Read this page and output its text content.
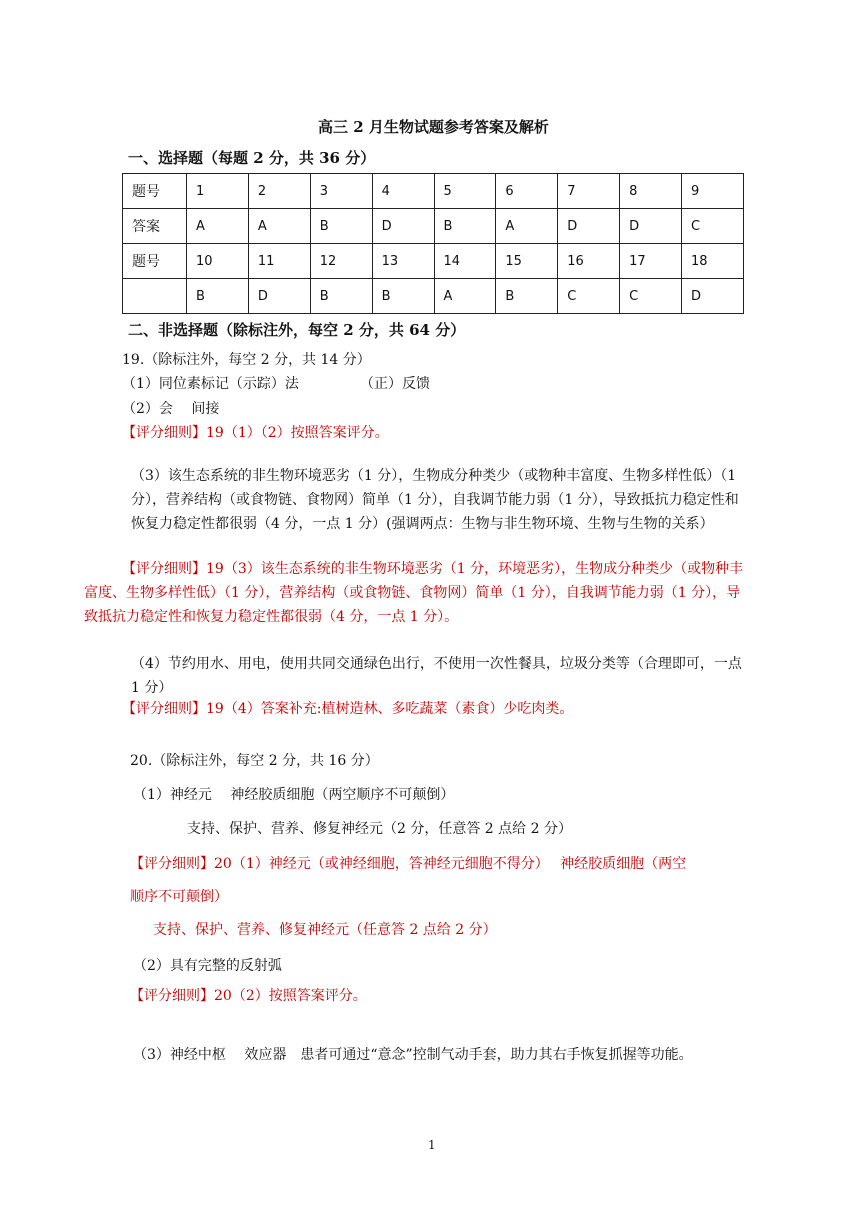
高三 2 月生物试题参考答案及解析
一、选择题（每题 2 分，共 36 分）
题号	1	2	3	4	5	6	7	8	9
答案	A	A	B	D	B	A	D	D	C
题号	10	11	12	13	14	15	16	17	18
	B	D	B	B	A	B	C	C	D
二、非选择题（除标注外，每空 2 分，共 64 分）
19.（除标注外，每空 2 分，共 14 分）
（1）同位素标记（示踪）法	（正）反馈
（2）会　 间接
【评分细则】19（1）（2）按照答案评分。
（3）该生态系统的非生物环境恶劣（1 分），生物成分种类少（或物种丰富度、生物多样性低）（1 分），营养结构（或食物链、食物网）简单（1 分），自我调节能力弱（1 分），导致抵抗力稳定性和恢复力稳定性都很弱（4 分，一点 1 分）(强调两点：生物与非生物环境、生物与生物的关系）
【评分细则】19（3）该生态系统的非生物环境恶劣（1 分，环境恶劣），生物成分种类少（或物种丰富度、生物多样性低）（1 分），营养结构（或食物链、食物网）简单（1 分），自我调节能力弱（1 分），导致抵抗力稳定性和恢复力稳定性都很弱（4 分，一点 1 分）。
（4）节约用水、用电，使用共同交通绿色出行，不使用一次性餐具，垃圾分类等（合理即可，一点 1 分）
【评分细则】19（4）答案补充:植树造林、多吃蔬菜（素食）少吃肉类。
20.（除标注外，每空 2 分，共 16 分）
（1）神经元　 神经胶质细胞（两空顺序不可颠倒）
支持、保护、营养、修复神经元（2 分，任意答 2 点给 2 分）
【评分细则】20（1）神经元（或神经细胞，答神经元细胞不得分）　 神经胶质细胞（两空
顺序不可颠倒）
支持、保护、营养、修复神经元（任意答 2 点给 2 分）
（2）具有完整的反射弧
【评分细则】20（2）按照答案评分。
（3）神经中枢　 效应器　患者可通过“意念”控制气动手套，助力其右手恢复抓握等功能。
1
